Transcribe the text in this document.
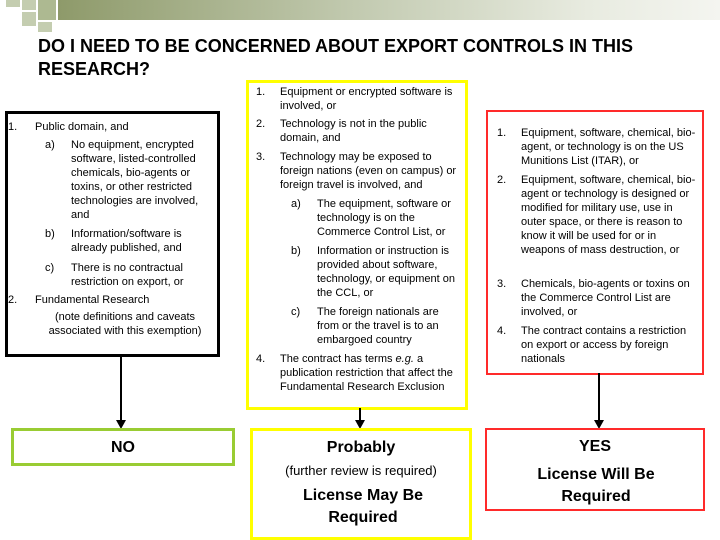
DO I NEED TO BE CONCERNED ABOUT EXPORT CONTROLS IN THIS RESEARCH?
1. Public domain, and
a) No equipment, encrypted software, listed-controlled chemicals, bio-agents or toxins, or other restricted technologies are involved, and
b) Information/software is already published, and
c) There is no contractual restriction on export, or
2. Fundamental Research
(note definitions and caveats associated with this exemption)
1. Equipment or encrypted software is involved, or
2. Technology is not in the public domain, and
3. Technology may be exposed to foreign nations (even on campus) or foreign travel is involved, and
a) The equipment, software or technology is on the Commerce Control List, or
b) Information or instruction is provided about software, technology, or equipment on the CCL, or
c) The foreign nationals are from or the travel is to an embargoed country
4. The contract has terms e.g. a publication restriction that affect the Fundamental Research Exclusion
1. Equipment, software, chemical, bio-agent, or technology is on the US Munitions List (ITAR), or
2. Equipment, software, chemical, bio-agent or technology is designed or modified for military use, use in outer space, or there is reason to know it will be used for or in weapons of mass destruction, or
3. Chemicals, bio-agents or toxins on the Commerce Control List are involved, or
4. The contract contains a restriction on export or access by foreign nationals
NO	Probably
(further review is required)
License May Be Required
YES
License Will Be Required
